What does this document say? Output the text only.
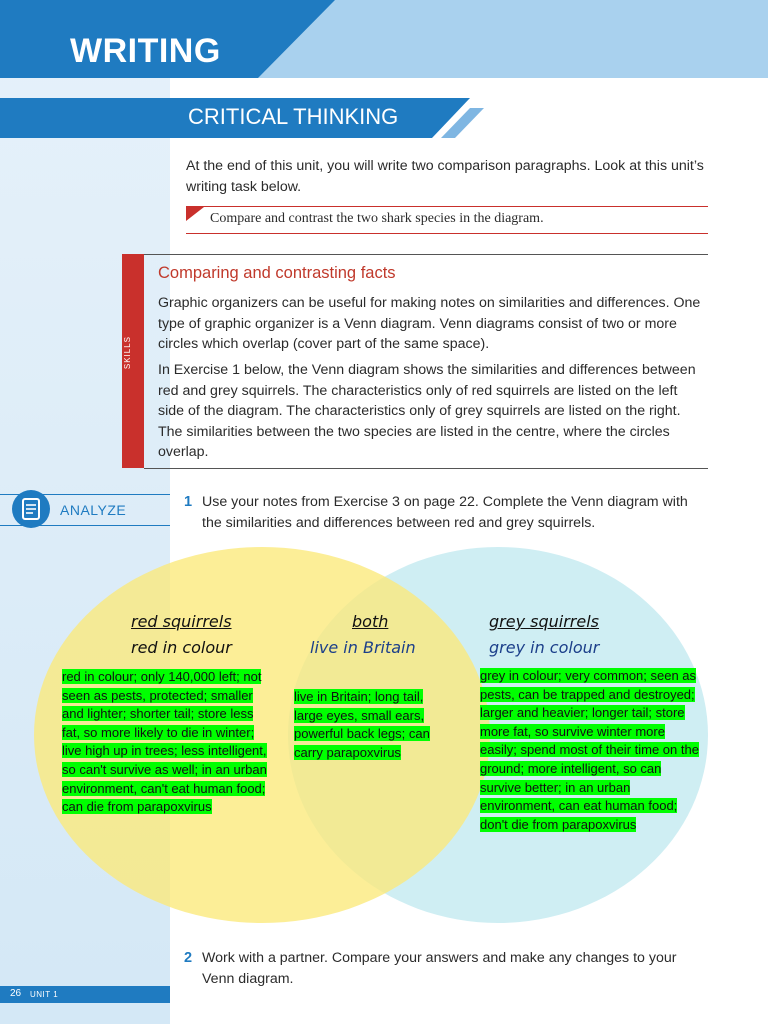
WRITING
CRITICAL THINKING
At the end of this unit, you will write two comparison paragraphs. Look at this unit’s writing task below.
Compare and contrast the two shark species in the diagram.
SKILLS
Comparing and contrasting facts
Graphic organizers can be useful for making notes on similarities and differences. One type of graphic organizer is a Venn diagram. Venn diagrams consist of two or more circles which overlap (cover part of the same space).
In Exercise 1 below, the Venn diagram shows the similarities and differences between red and grey squirrels. The characteristics only of red squirrels are listed on the left side of the diagram. The characteristics only of grey squirrels are listed on the right. The similarities between the two species are listed in the centre, where the circles overlap.
ANALYZE	1 Use your notes from Exercise 3 on page 22. Complete the Venn diagram with the similarities and differences between red and grey squirrels.
red squirrels
red in colour
both
live in Britain
grey squirrels
grey in colour
red in colour; only 140,000 left; not seen as pests, protected; smaller and lighter; shorter tail; store less fat, so more likely to die in winter; live high up in trees; less intelligent, so can't survive as well; in an urban environment, can't eat human food; can die from parapoxvirus
live in Britain; long tail, large eyes, small ears, powerful back legs; can carry parapoxvirus
grey in colour; very common; seen as pests, can be trapped and destroyed; larger and heavier; longer tail; store more fat, so survive winter more easily; spend most of their time on the ground; more intelligent, so can survive better; in an urban environment, can eat human food; don't die from parapoxvirus
2 Work with a partner. Compare your answers and make any changes to your Venn diagram.
26 UNIT 1
